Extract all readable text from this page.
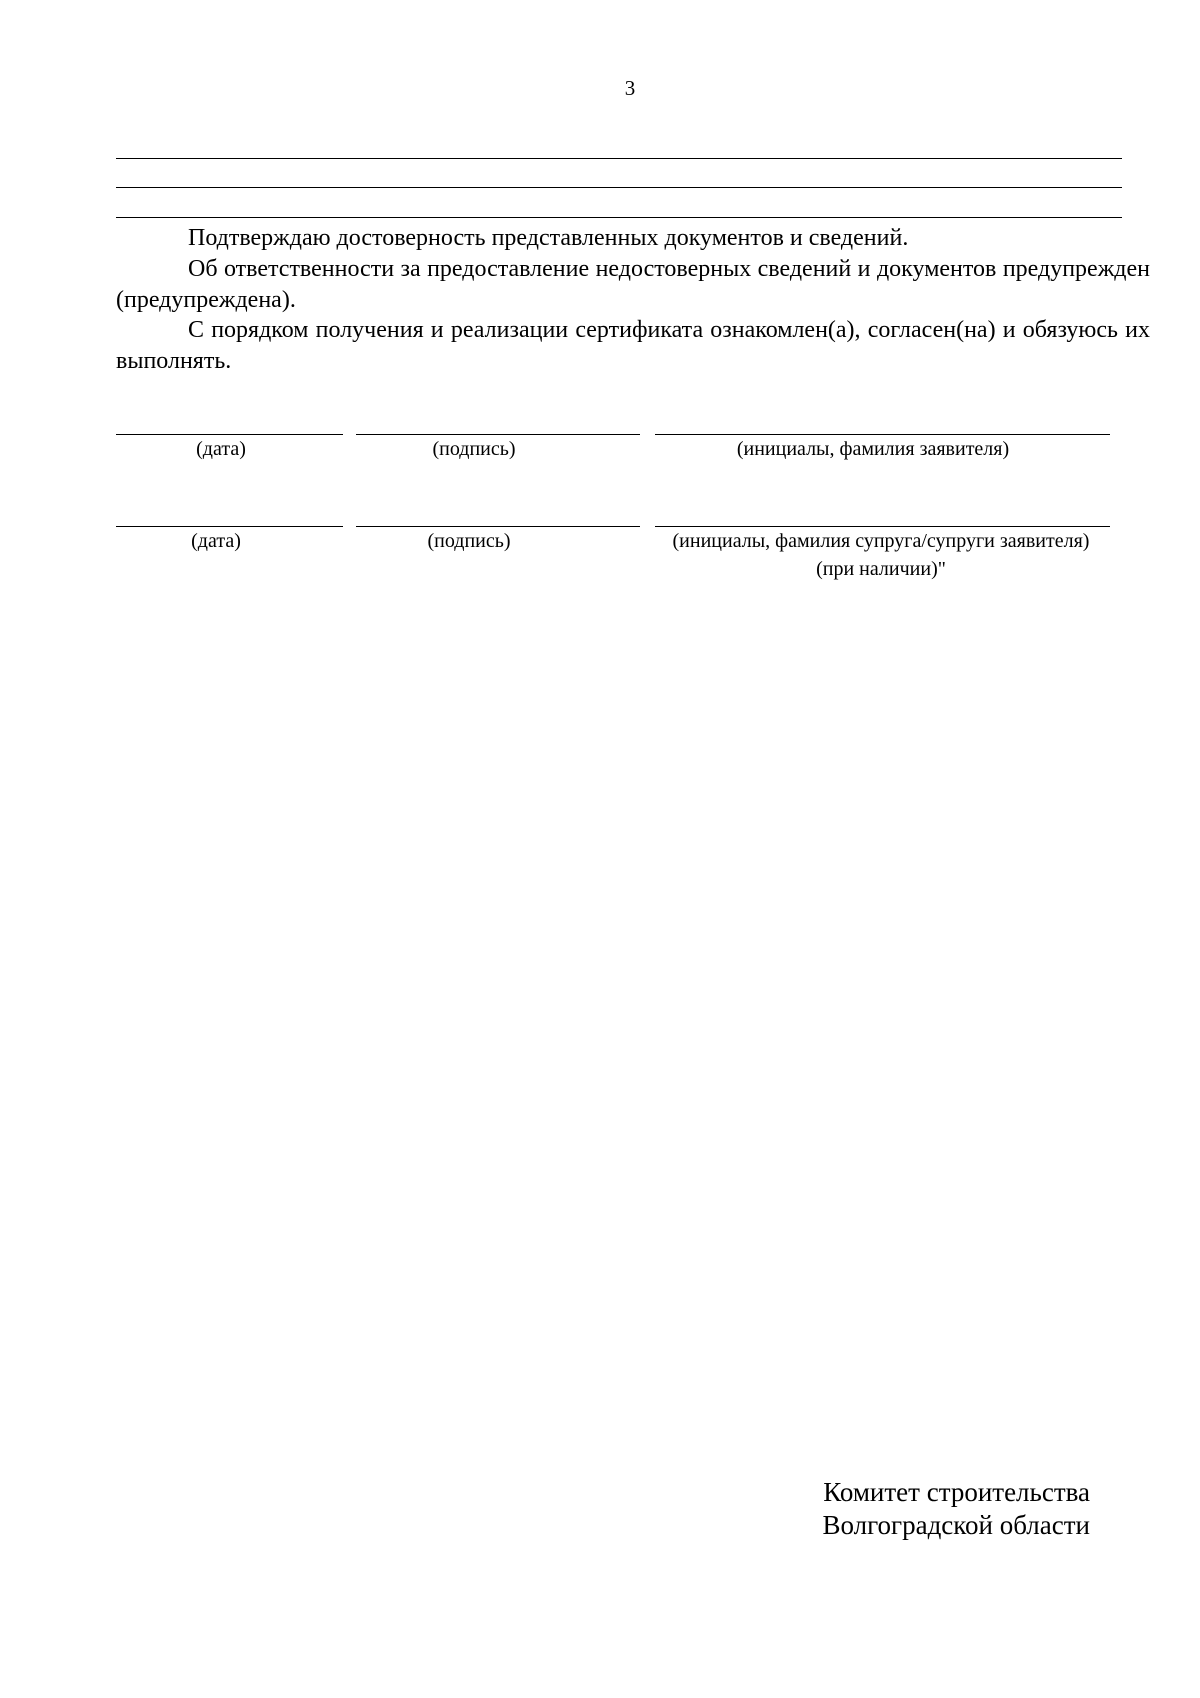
3

Подтверждаю достоверность представленных документов и сведений.

Об ответственности за предоставление недостоверных сведений и документов предупрежден (предупреждена).

С порядком получения и реализации сертификата ознакомлен(а), согласен(на) и обязуюсь их выполнять.

(дата)	(подпись)	(инициалы, фамилия заявителя)
(дата)	(подпись)	(инициалы, фамилия супруга/супруги заявителя)
(при наличии)"
Комитет строительства
Волгоградской области
